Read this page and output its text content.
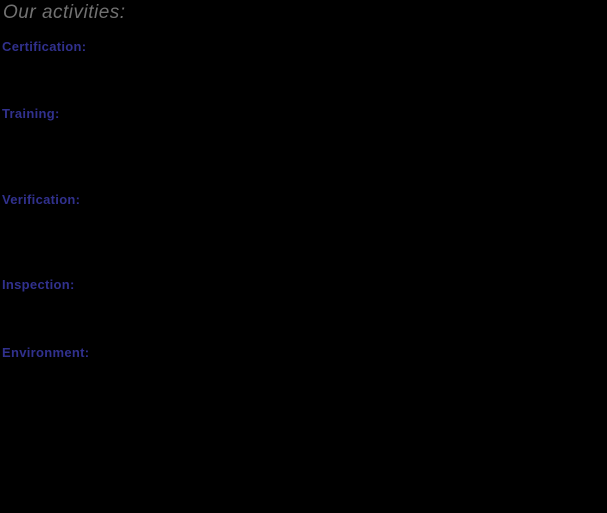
Our activities:
Certification:
Training:
Verification:
Inspection:
Environment:
